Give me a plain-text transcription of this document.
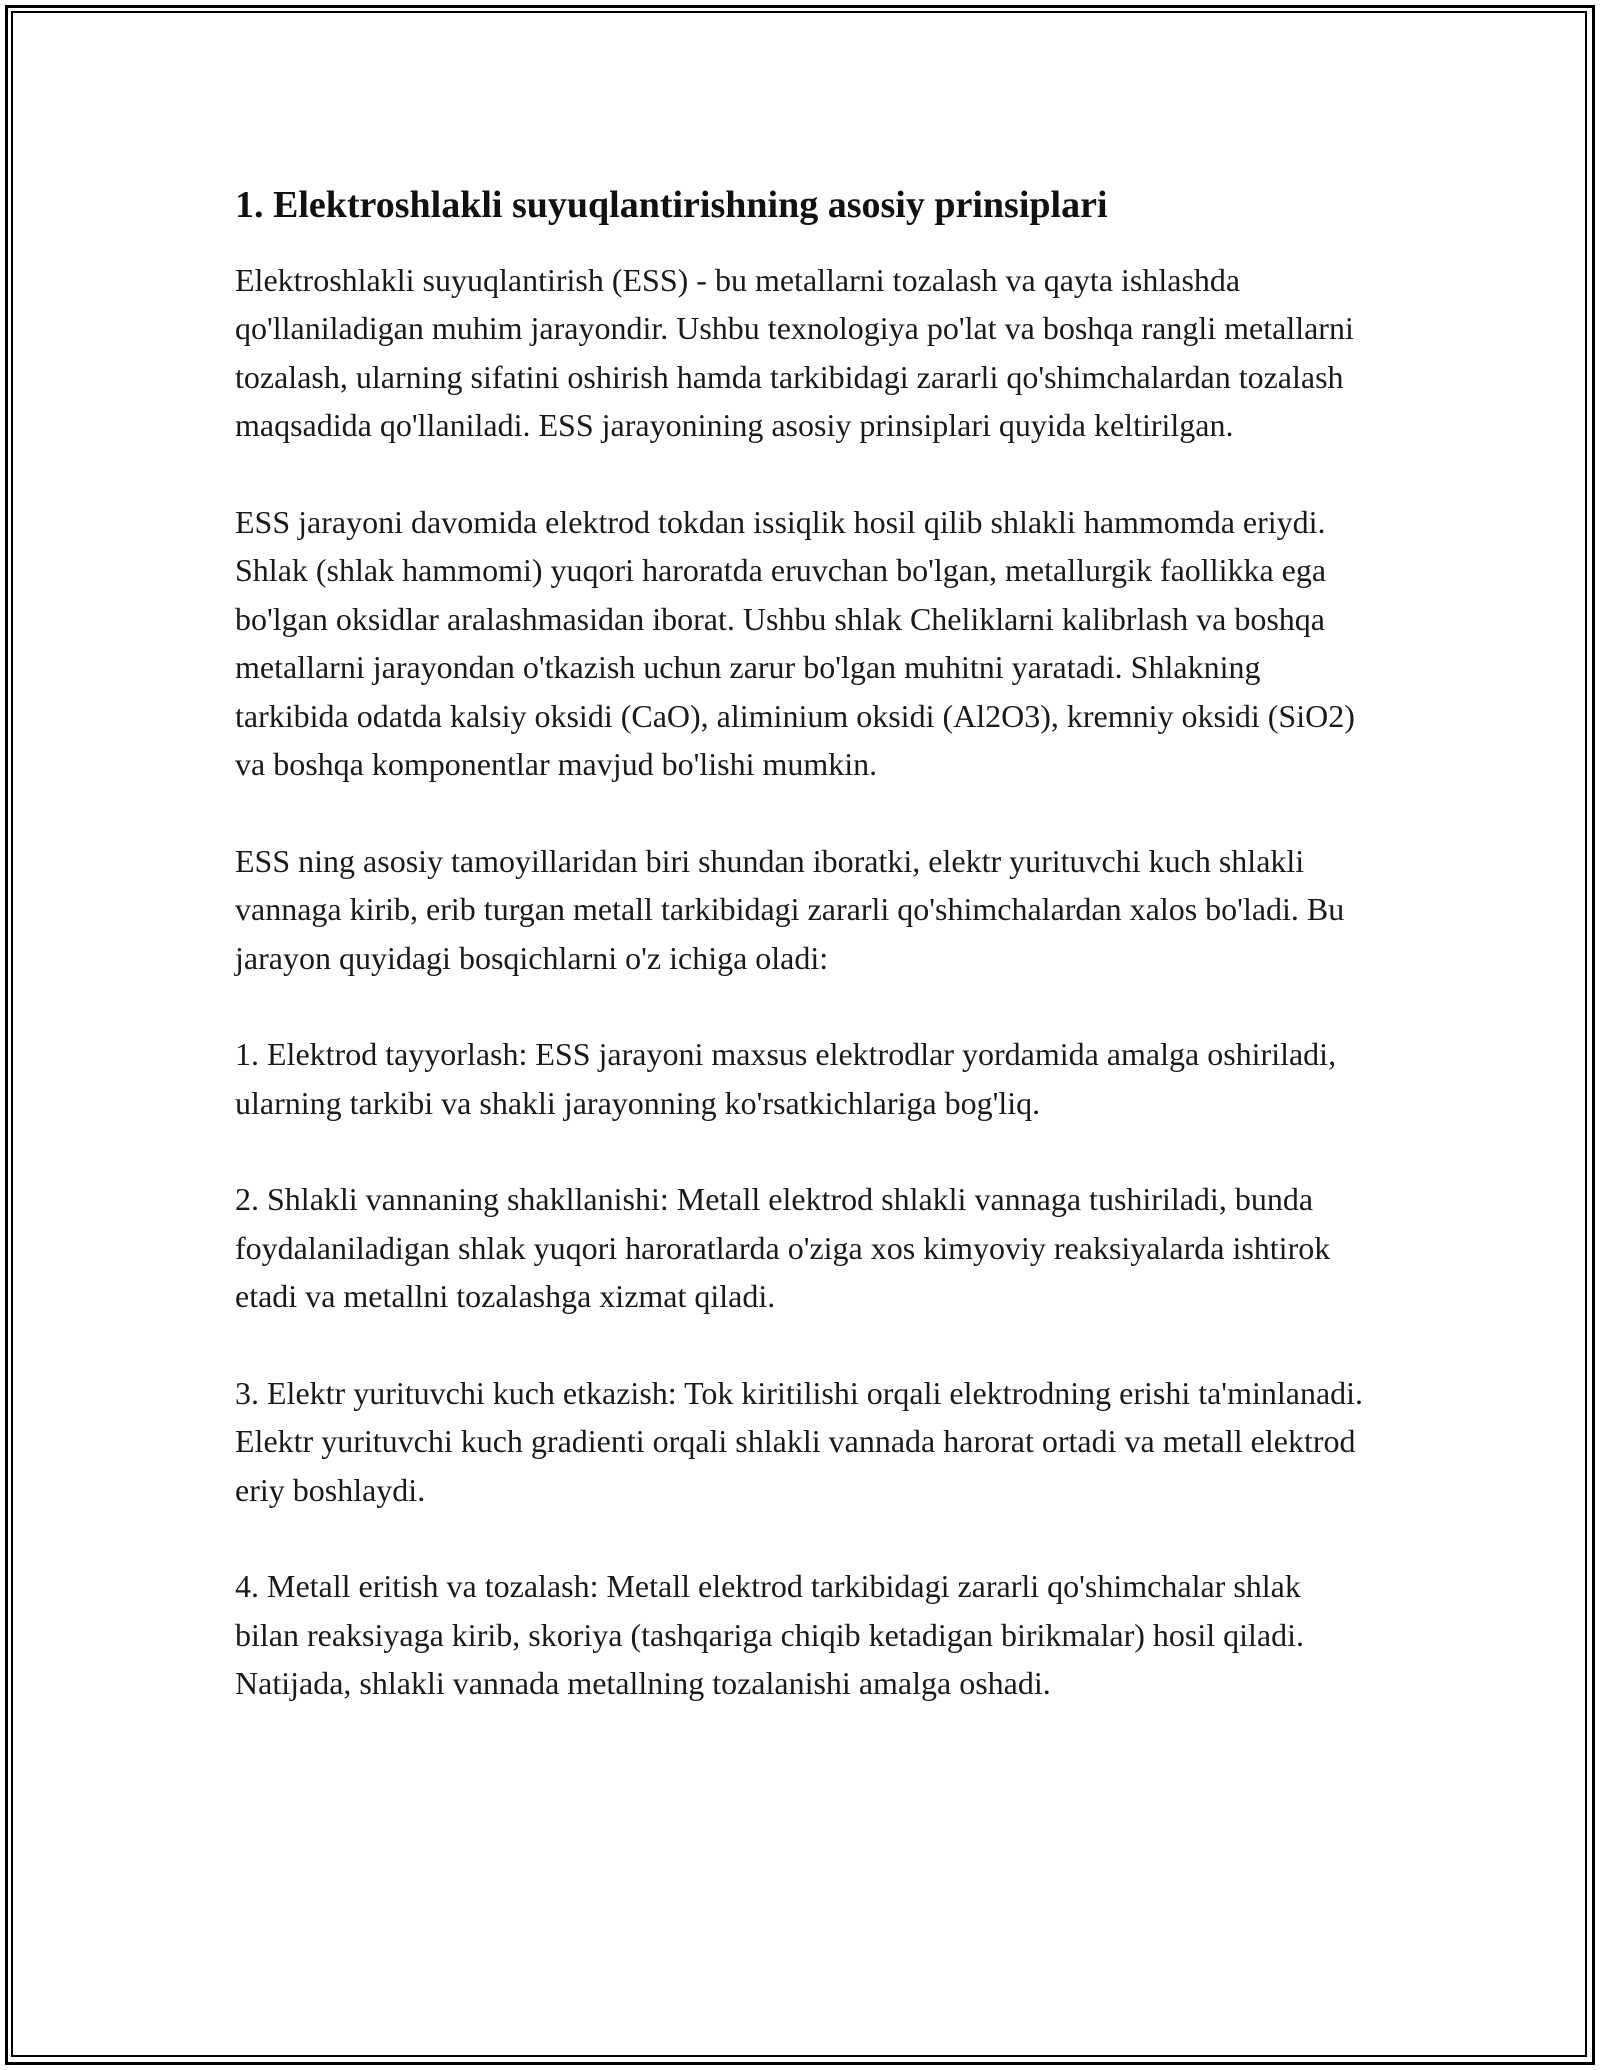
1. Elektroshlakli suyuqlantirishning asosiy prinsiplari

Elektroshlakli suyuqlantirish (ESS) - bu metallarni tozalash va qayta ishlashda qo'llaniladigan muhim jarayondir. Ushbu texnologiya po'lat va boshqa rangli metallarni tozalash, ularning sifatini oshirish hamda tarkibidagi zararli qo'shimchalardan tozalash maqsadida qo'llaniladi. ESS jarayonining asosiy prinsiplari quyida keltirilgan.

ESS jarayoni davomida elektrod tokdan issiqlik hosil qilib shlakli hammomda eriydi. Shlak (shlak hammomi) yuqori haroratda eruvchan bo'lgan, metallurgik faollikka ega bo'lgan oksidlar aralashmasidan iborat. Ushbu shlak Cheliklarni kalibrlash va boshqa metallarni jarayondan o'tkazish uchun zarur bo'lgan muhitni yaratadi. Shlakning tarkibida odatda kalsiy oksidi (CaO), aliminium oksidi (Al2O3), kremniy oksidi (SiO2) va boshqa komponentlar mavjud bo'lishi mumkin.

ESS ning asosiy tamoyillaridan biri shundan iboratki, elektr yurituvchi kuch shlakli vannaga kirib, erib turgan metall tarkibidagi zararli qo'shimchalardan xalos bo'ladi. Bu jarayon quyidagi bosqichlarni o'z ichiga oladi:

1. Elektrod tayyorlash: ESS jarayoni maxsus elektrodlar yordamida amalga oshiriladi, ularning tarkibi va shakli jarayonning ko'rsatkichlariga bog'liq.

2. Shlakli vannaning shakllanishi: Metall elektrod shlakli vannaga tushiriladi, bunda foydalaniladigan shlak yuqori haroratlarda o'ziga xos kimyoviy reaksiyalarda ishtirok etadi va metallni tozalashga xizmat qiladi.

3. Elektr yurituvchi kuch etkazish: Tok kiritilishi orqali elektrodning erishi ta'minlanadi. Elektr yurituvchi kuch gradienti orqali shlakli vannada harorat ortadi va metall elektrod eriy boshlaydi.

4. Metall eritish va tozalash: Metall elektrod tarkibidagi zararli qo'shimchalar shlak bilan reaksiyaga kirib, skoriya (tashqariga chiqib ketadigan birikmalar) hosil qiladi. Natijada, shlakli vannada metallning tozalanishi amalga oshadi.
